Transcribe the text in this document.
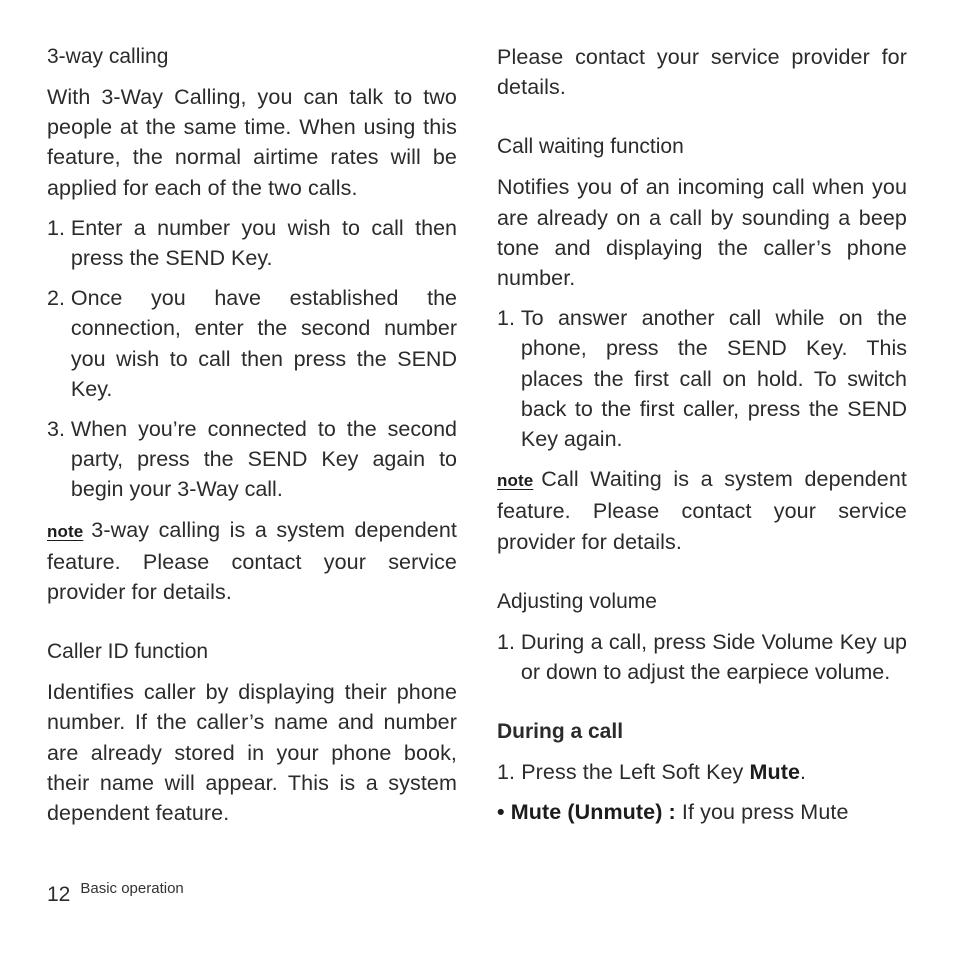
3-way calling

With 3-Way Calling, you can talk to two people at the same time. When using this feature, the normal airtime rates will be applied for each of the two calls.

1. Enter a number you wish to call then press the SEND Key.
2. Once you have established the connection, enter the second number you wish to call then press the SEND Key.
3. When you’re connected to the second party, press the SEND Key again to begin your 3-Way call.

note 3-way calling is a system dependent feature. Please contact your service provider for details.

Caller ID function

Identifies caller by displaying their phone number. If the caller’s name and number are already stored in your phone book, their name will appear. This is a system dependent feature.

Please contact your service provider for details.

Call waiting function

Notifies you of an incoming call when you are already on a call by sounding a beep tone and displaying the caller’s phone number.

1. To answer another call while on the phone, press the SEND Key. This places the first call on hold. To switch back to the first caller, press the SEND Key again.

note Call Waiting is a system dependent feature. Please contact your service provider for details.

Adjusting volume
1. During a call, press Side Volume Key up or down to adjust the earpiece volume.
During a call

1. Press the Left Soft Key Mute.

• Mute (Unmute) : If you press Mute

12 Basic operation
